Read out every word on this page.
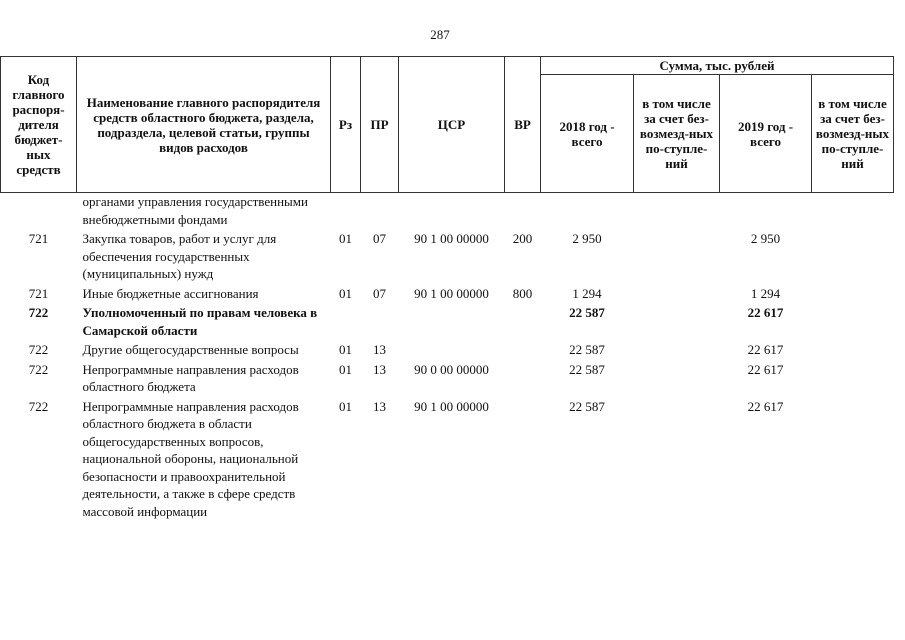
287
Код главного распоря-дителя бюджет-ных средств	Наименование главного распорядителя средств областного бюджета, раздела, подраздела, целевой статьи, группы видов расходов	Рз	ПР	ЦСР	ВР	Сумма, тыс. рублей			
						2018 год - всего	в том числе за счет без-возмезд-ных по-ступле-ний	2019 год - всего	в том числе за счет без-возмезд-ных по-ступле-ний
	органами управления государственными внебюджетными фондами								

721	Закупка товаров, работ и услуг для обеспечения государственных (муниципальных) нужд	01	07	90 1 00 00000	200	2 950		2 950	

721	Иные бюджетные ассигнования	01	07	90 1 00 00000	800	1 294		1 294	

722	Уполномоченный по правам человека в Самарской области					22 587		22 617	

722	Другие общегосударственные вопросы	01	13			22 587		22 617	

722	Непрограммные направления расходов областного бюджета	01	13	90 0 00 00000		22 587		22 617	

722	Непрограммные направления расходов областного бюджета в области общегосударственных вопросов, национальной обороны, национальной безопасности и правоохранительной деятельности, а также в сфере средств массовой информации	01	13	90 1 00 00000		22 587		22 617	
